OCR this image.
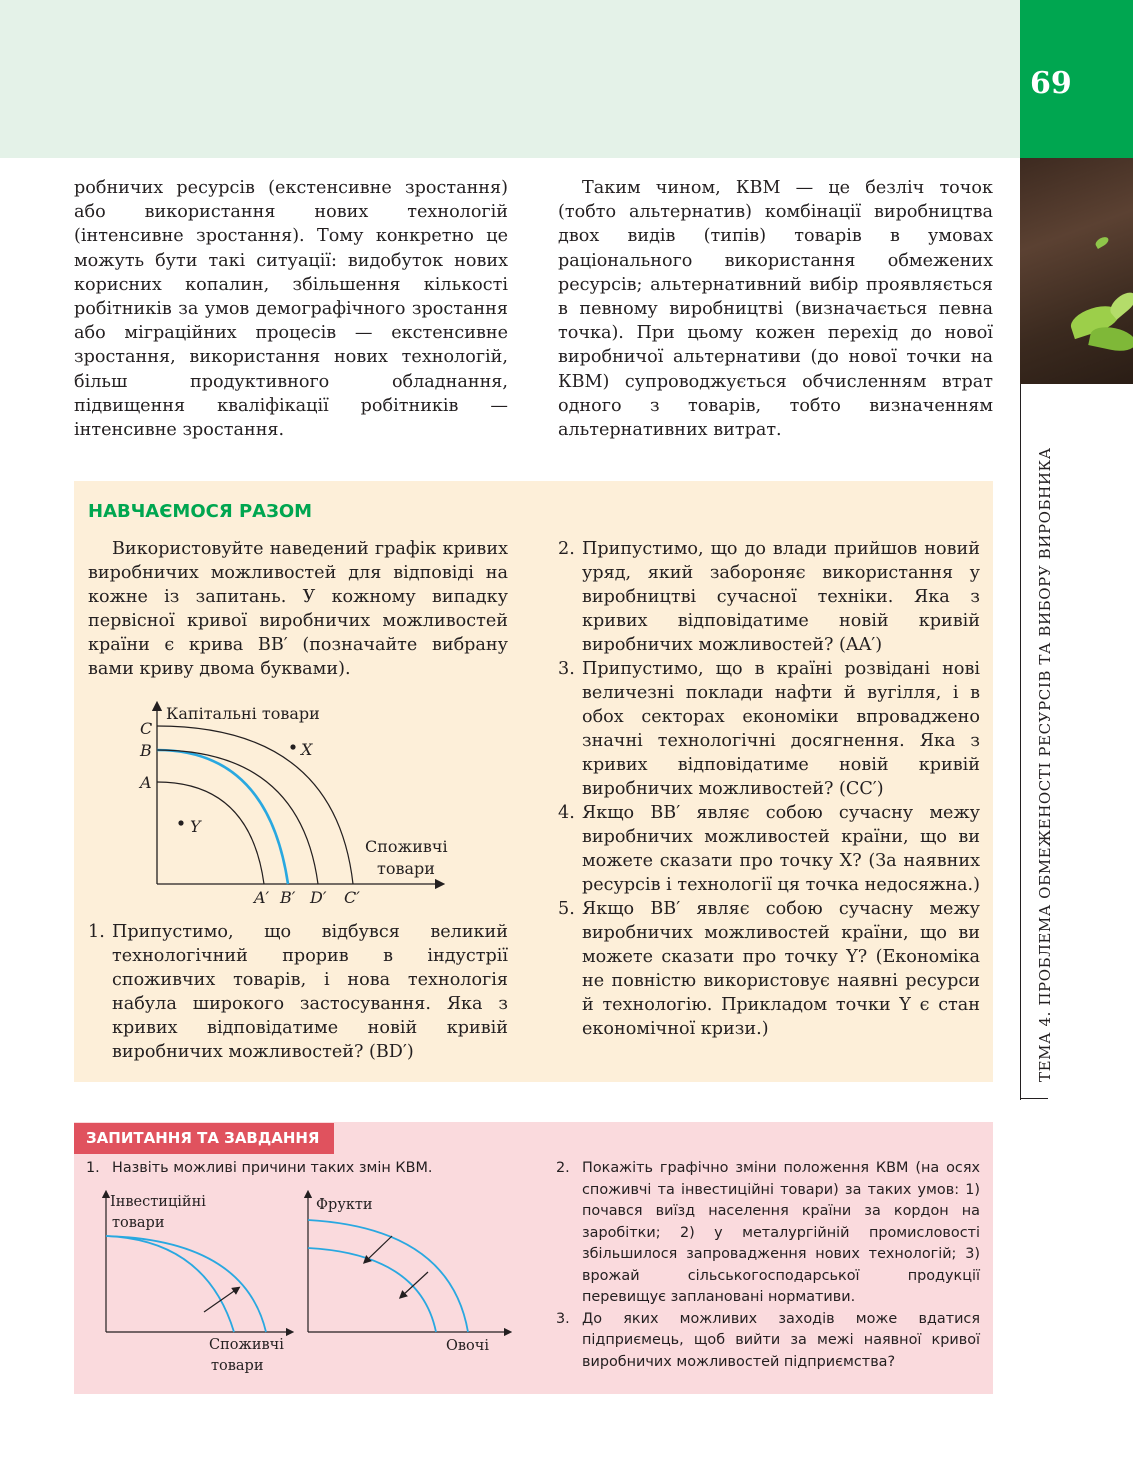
69
ТЕМА 4. ПРОБЛЕМА ОБМЕЖЕНОСТІ РЕСУРСІВ ТА ВИБОРУ ВИРОБНИКА

робничих ресурсів (екстенсивне зростання) або використання нових технологій (інтенсивне зростання). Тому конкретно це можуть бути такі ситуації: видобуток нових корисних копалин, збільшення кількості робітників за умов демографічного зростання або міграційних процесів — екстенсивне зростання, використання нових технологій, більш продуктивного обладнання, підвищення кваліфікації робітників — інтенсивне зростання.

Таким чином, КВМ — це безліч точок (тобто альтернатив) комбінації виробництва двох видів (типів) товарів в умовах раціонального використання обмежених ресурсів; альтернативний вибір проявляється в певному виробництві (визначається певна точка). При цьому кожен перехід до нової виробничої альтернативи (до нової точки на КВМ) супроводжується обчисленням втрат одного з товарів, тобто визначенням альтернативних витрат.

НАВЧАЄМОСЯ РАЗОМ

Використовуйте наведений графік кривих виробничих можливостей для відповіді на кожне із запитань. У кожному випадку первісної кривої виробничих можливостей країни є крива BB′ (позначайте вибрану вами криву двома буквами).

Капітальні товари
C
B
A
A′ B′ D′ C′
Споживчі
товари
X
Y
1. Припустимо, що відбувся великий технологічний прорив в індустрії споживчих товарів, і нова технологія набула широкого застосування. Яка з кривих відповідатиме новій кривій виробничих можливостей? (BD′)
2. Припустимо, що до влади прийшов новий уряд, який забороняє використання у виробництві сучасної техніки. Яка з кривих відповідатиме новій кривій виробничих можливостей? (AA′)
3. Припустимо, що в країні розвідані нові величезні поклади нафти й вугілля, і в обох секторах економіки впроваджено значні технологічні досягнення. Яка з кривих відповідатиме новій кривій виробничих можливостей? (CC′)
4. Якщо BB′ являє собою сучасну межу виробничих можливостей країни, що ви можете сказати про точку X? (За наявних ресурсів і технології ця точка недосяжна.)
5. Якщо BB′ являє собою сучасну межу виробничих можливостей країни, що ви можете сказати про точку Y? (Економіка не повністю використовує наявні ресурси й технологію. Прикладом точки Y є стан економічної кризи.)
ЗАПИТАННЯ ТА ЗАВДАННЯ
1. Назвіть можливі причини таких змін КВМ.
Інвестиційні
товари
Споживчі
товари
Фрукти
Овочі
2. Покажіть графічно зміни положення КВМ (на осях споживчі та інвестиційні товари) за таких умов: 1) почався виїзд населення країни за кордон на заробітки; 2) у металургійній промисловості збільшилося запровадження нових технологій; 3) врожай сільськогосподарської продукції перевищує заплановані нормативи.
3. До яких можливих заходів може вдатися підприємець, щоб вийти за межі наявної кривої виробничих можливостей підприємства?
